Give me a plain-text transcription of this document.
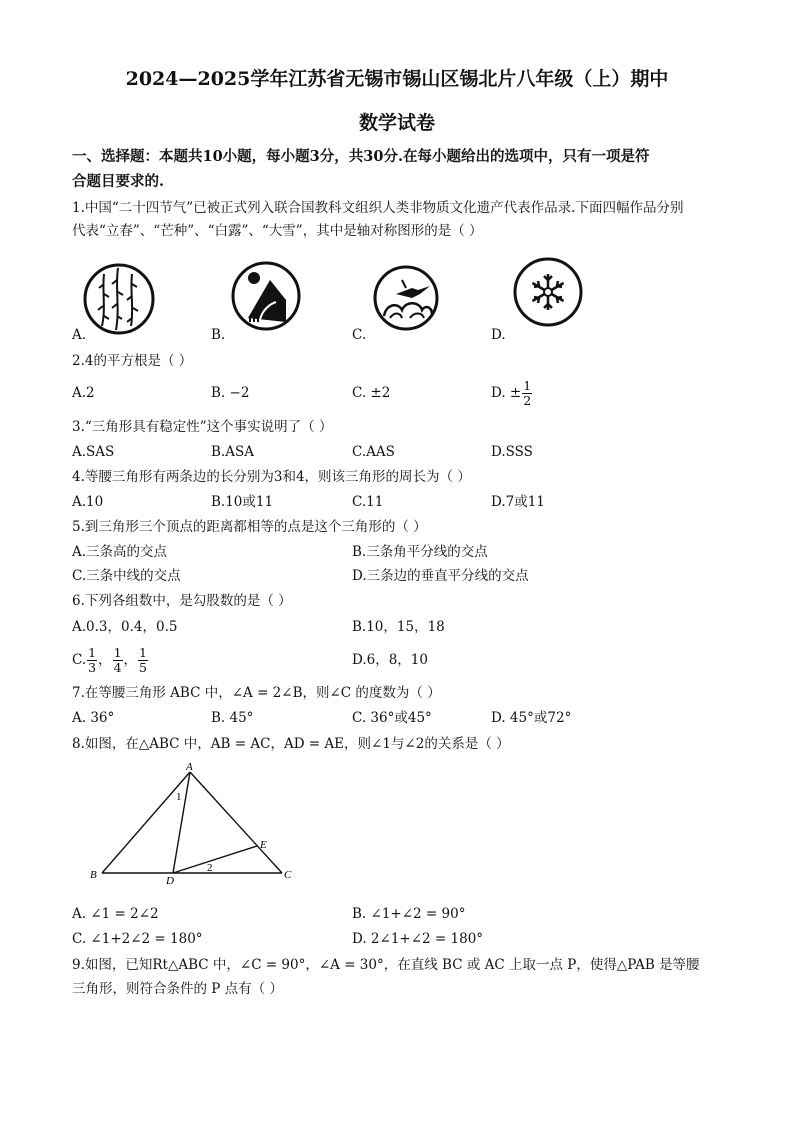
2024—2025学年江苏省无锡市锡山区锡北片八年级（上）期中
数学试卷
一、选择题：本题共10小题，每小题3分，共30分.在每小题给出的选项中，只有一项是符
合题目要求的.
1.中国“二十四节气”已被正式列入联合国教科文组织人类非物质文化遗产代表作品录.下面四幅作品分别
代表“立春”、“芒种”、“白露”、“大雪”，其中是轴对称图形的是（ ）
A.	B.	C.	D.
2.4的平方根是（ ）
A.2	B. −2	C. ±2	D. ± $\frac{1}{2}$
3.“三角形具有稳定性”这个事实说明了（ ）
A.SAS	B.ASA	C.AAS	D.SSS
4.等腰三角形有两条边的长分别为3和4，则该三角形的周长为（ ）
A.10	B.10或11	C.11	D.7或11
5.到三角形三个顶点的距离都相等的点是这个三角形的（ ）
A.三条高的交点	B.三条角平分线的交点
C.三条中线的交点	D.三条边的垂直平分线的交点
6.下列各组数中，是勾股数的是（ ）
A.0.3，0.4，0.5	B.10，15，18
C. $\frac{1}{3}$ ， $\frac{1}{4}$ ， $\frac{1}{5}$	D.6，8，10
7.在等腰三角形 ABC 中，∠A = 2∠B，则∠C 的度数为（ ）
A. 36°	B. 45°	C. 36°或45°	D. 45°或72°
8.如图，在△ABC 中，AB = AC，AD = AE，则∠1与∠2的关系是（ ）
A
B	C
D
E
1
2
A. ∠1 = 2∠2	B. ∠1+∠2 = 90°
C. ∠1+2∠2 = 180°	D. 2∠1+∠2 = 180°
9.如图，已知Rt△ABC 中，∠C = 90°，∠A = 30°，在直线 BC 或 AC 上取一点 P，使得△PAB 是等腰
三角形，则符合条件的 P 点有（ ）
